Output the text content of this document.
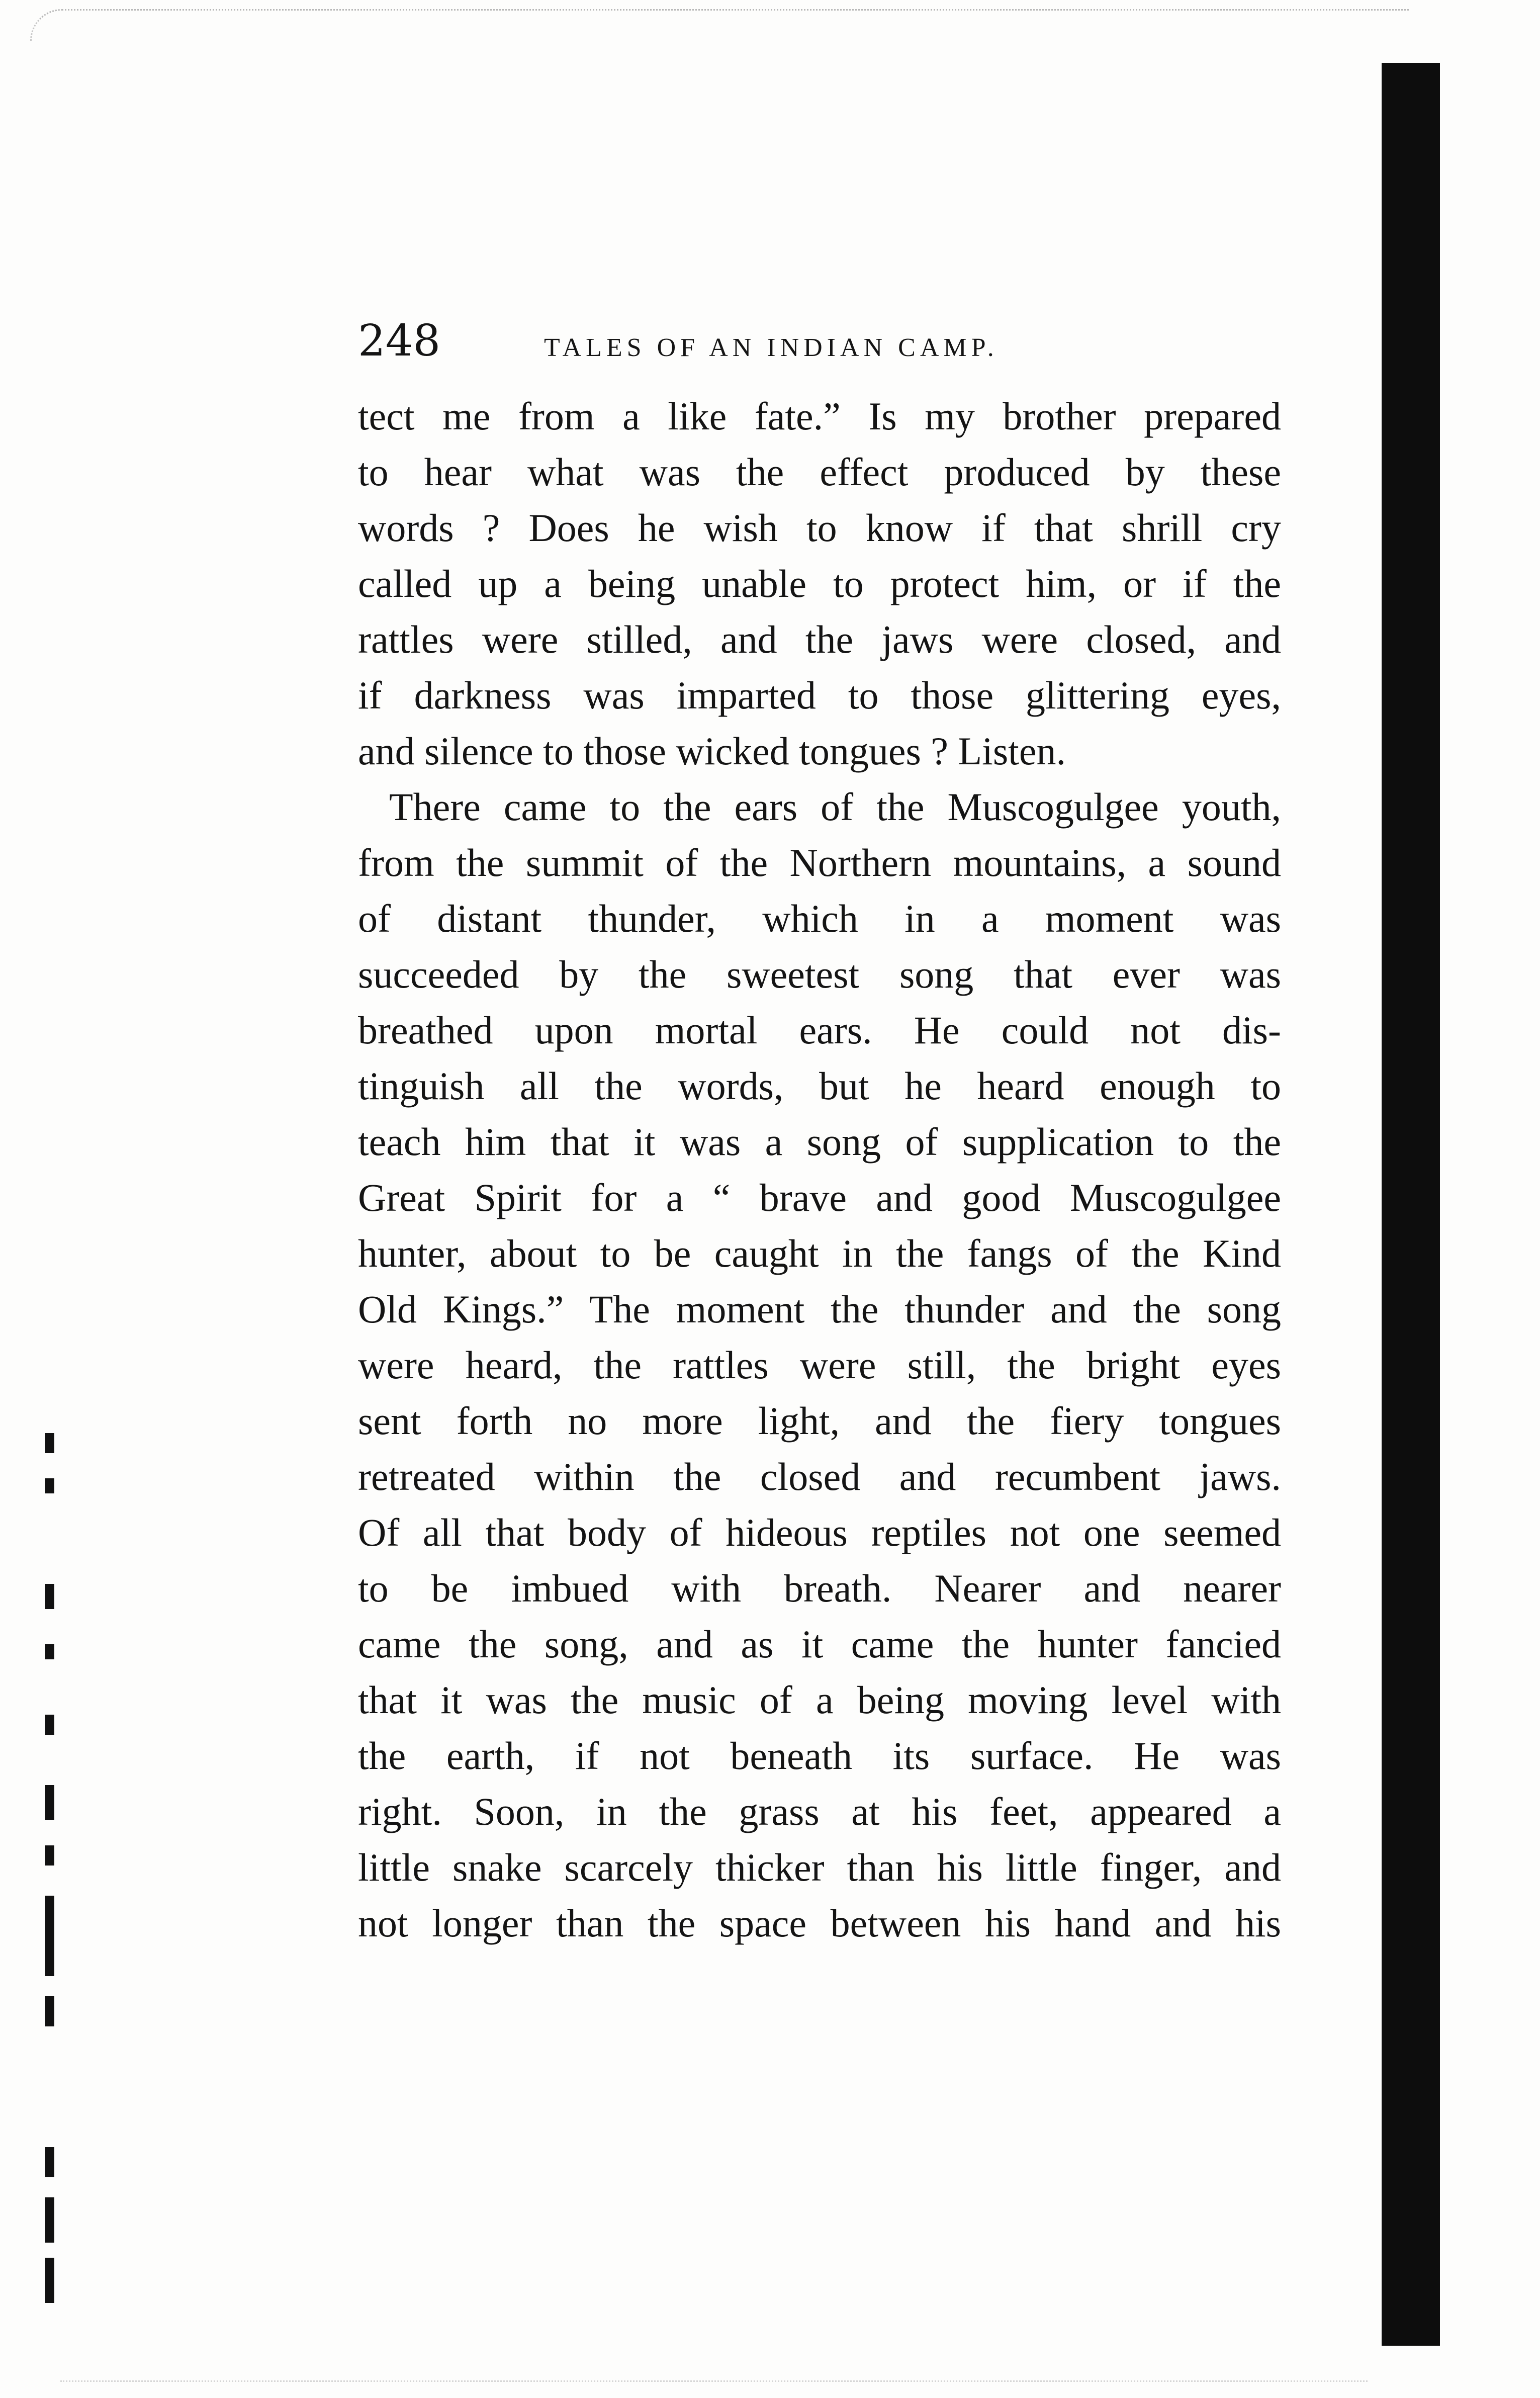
248	TALES OF AN INDIAN CAMP.
tect me from a like fate.” Is my brother prepared
to hear what was the effect produced by these
words ? Does he wish to know if that shrill cry
called up a being unable to protect him, or if the
rattles were stilled, and the jaws were closed, and
if darkness was imparted to those glittering eyes,
and silence to those wicked tongues ? Listen.
There came to the ears of the Muscogulgee youth,
from the summit of the Northern mountains, a sound
of distant thunder, which in a moment was
succeeded by the sweetest song that ever was
breathed upon mortal ears. He could not dis-
tinguish all the words, but he heard enough to
teach him that it was a song of supplication to the
Great Spirit for a “ brave and good Muscogulgee
hunter, about to be caught in the fangs of the Kind
Old Kings.” The moment the thunder and the song
were heard, the rattles were still, the bright eyes
sent forth no more light, and the fiery tongues
retreated within the closed and recumbent jaws.
Of all that body of hideous reptiles not one seemed
to be imbued with breath. Nearer and nearer
came the song, and as it came the hunter fancied
that it was the music of a being moving level with
the earth, if not beneath its surface. He was
right. Soon, in the grass at his feet, appeared a
little snake scarcely thicker than his little finger, and
not longer than the space between his hand and his
